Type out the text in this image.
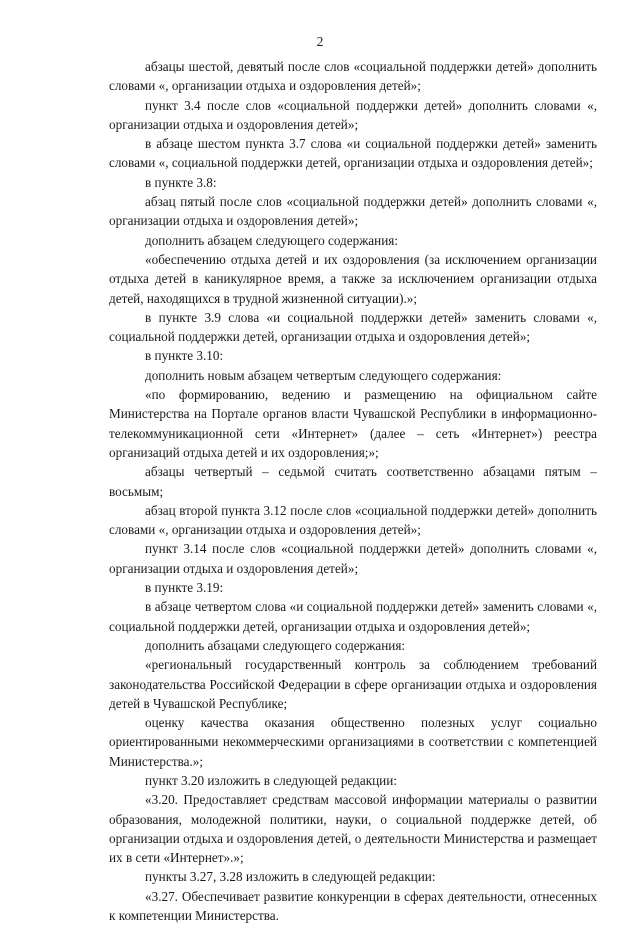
2

абзацы шестой, девятый после слов «социальной поддержки детей» дополнить словами «, организации отдыха и оздоровления детей»;

пункт 3.4 после слов «социальной поддержки детей» дополнить словами «, организации отдыха и оздоровления детей»;

в абзаце шестом пункта 3.7 слова «и социальной поддержки детей» заменить словами «, социальной поддержки детей, организации отдыха и оздоровления детей»;

в пункте 3.8:

абзац пятый после слов «социальной поддержки детей» дополнить словами «, организации отдыха и оздоровления детей»;

дополнить абзацем следующего содержания:

«обеспечению отдыха детей и их оздоровления (за исключением организации отдыха детей в каникулярное время, а также за исключением организации отдыха детей, находящихся в трудной жизненной ситуации).»;

в пункте 3.9 слова «и социальной поддержки детей» заменить словами «, социальной поддержки детей, организации отдыха и оздоровления детей»;

в пункте 3.10:

дополнить новым абзацем четвертым следующего содержания:

«по формированию, ведению и размещению на официальном сайте Министерства на Портале органов власти Чувашской Республики в информационно-телекоммуникационной сети «Интернет» (далее – сеть «Интернет») реестра организаций отдыха детей и их оздоровления;»;

абзацы четвертый – седьмой считать соответственно абзацами пятым – восьмым;

абзац второй пункта 3.12 после слов «социальной поддержки детей» дополнить словами «, организации отдыха и оздоровления детей»;

пункт 3.14 после слов «социальной поддержки детей» дополнить словами «, организации отдыха и оздоровления детей»;

в пункте 3.19:

в абзаце четвертом слова «и социальной поддержки детей» заменить словами «, социальной поддержки детей, организации отдыха и оздоровления детей»;

дополнить абзацами следующего содержания:

«региональный государственный контроль за соблюдением требований законодательства Российской Федерации в сфере организации отдыха и оздоровления детей в Чувашской Республике;

оценку качества оказания общественно полезных услуг социально ориентированными некоммерческими организациями в соответствии с компетенцией Министерства.»;

пункт 3.20 изложить в следующей редакции:

«3.20. Предоставляет средствам массовой информации материалы о развитии образования, молодежной политики, науки, о социальной поддержке детей, об организации отдыха и оздоровления детей, о деятельности Министерства и размещает их в сети «Интернет».»;

пункты 3.27, 3.28 изложить в следующей редакции:

«3.27. Обеспечивает развитие конкуренции в сферах деятельности, отнесенных к компетенции Министерства.
